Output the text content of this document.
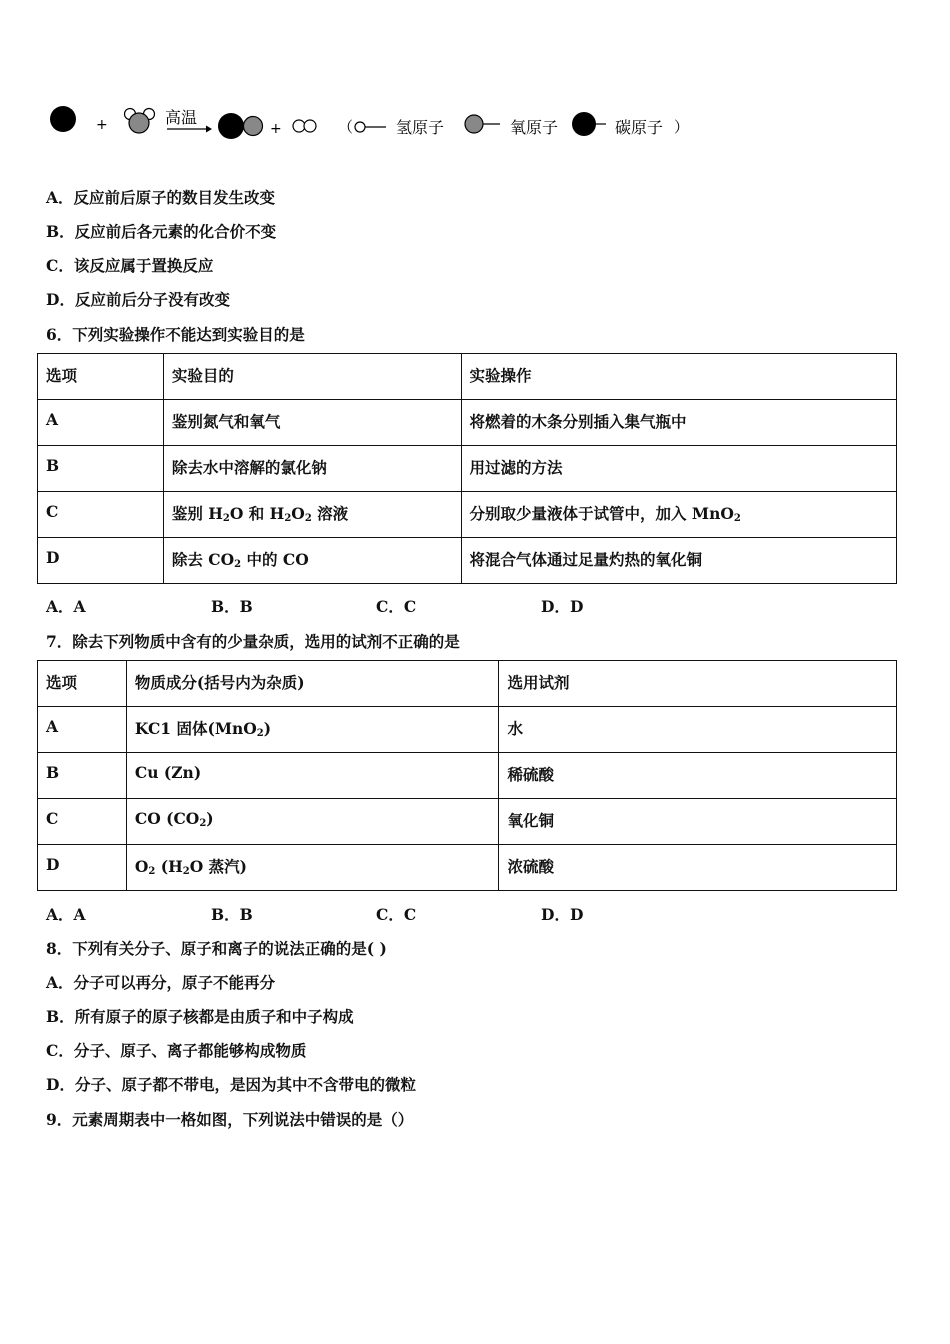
+	高温
+	（	氢原子	氧原子	碳原子 ）
A．反应前后原子的数目发生改变
B．反应前后各元素的化合价不变
C．该反应属于置换反应
D．反应前后分子没有改变
6．下列实验操作不能达到实验目的是
选项	实验目的	实验操作
A	鉴别氮气和氧气	将燃着的木条分别插入集气瓶中
B	除去水中溶解的氯化钠	用过滤的方法
C	鉴别 $H_2O$ 和 $H_2O_2$ 溶液	分别取少量液体于试管中，加入 MnO$_2$
D	除去 $CO_2$ 中的 CO	将混合气体通过足量灼热的氧化铜
A．A	B．B	C．C	D．D
7．除去下列物质中含有的少量杂质，选用的试剂不正确的是
选项	物质成分(括号内为杂质)	选用试剂
A	KC1 固体(MnO$_2$)	水
B	Cu (Zn)	稀硫酸
C	CO $(CO_2)$	氧化铜
D	$O_2$ ($H_2O$ 蒸汽)	浓硫酸
A．A	B．B	C．C	D．D
8．下列有关分子、原子和离子的说法正确的是( )
A．分子可以再分，原子不能再分
B．所有原子的原子核都是由质子和中子构成
C．分子、原子、离子都能够构成物质
D．分子、原子都不带电，是因为其中不含带电的微粒
9．元素周期表中一格如图，下列说法中错误的是（）
